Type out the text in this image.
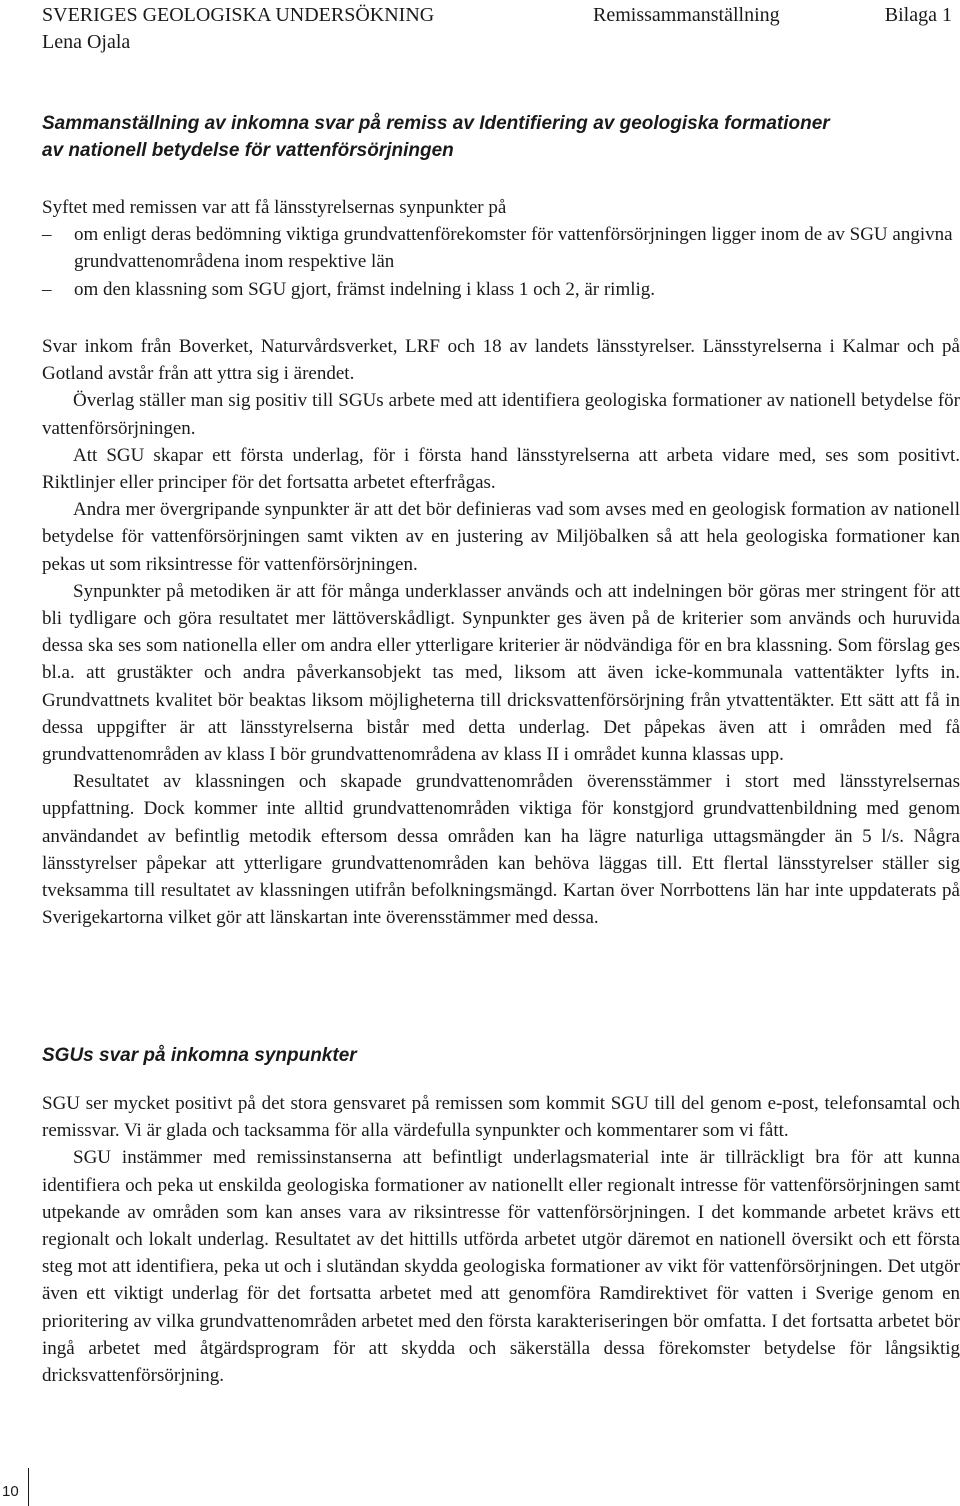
SVERIGES GEOLOGISKA UNDERSÖKNING
Lena Ojala
Remissammanställning	Bilaga 1
Sammanställning av inkomna svar på remiss av Identifiering av geologiska formationer
av nationell betydelse för vattenförsörjningen

Syftet med remissen var att få länsstyrelsernas synpunkter på

– om enligt deras bedömning viktiga grundvattenförekomster för vattenförsörjningen ligger inom de av SGU angivna grundvattenområdena inom respektive län
– om den klassning som SGU gjort, främst indelning i klass 1 och 2, är rimlig.

Svar inkom från Boverket, Naturvårdsverket, LRF och 18 av landets länsstyrelser. Länsstyrelserna i Kalmar och på Gotland avstår från att yttra sig i ärendet.

Överlag ställer man sig positiv till SGUs arbete med att identifiera geologiska formationer av nationell betydelse för vattenförsörjningen.

Att SGU skapar ett första underlag, för i första hand länsstyrelserna att arbeta vidare med, ses som positivt. Riktlinjer eller principer för det fortsatta arbetet efterfrågas.

Andra mer övergripande synpunkter är att det bör definieras vad som avses med en geologisk formation av nationell betydelse för vattenförsörjningen samt vikten av en justering av Miljöbalken så att hela geologiska formationer kan pekas ut som riksintresse för vattenförsörjningen.

Synpunkter på metodiken är att för många underklasser används och att indelningen bör göras mer stringent för att bli tydligare och göra resultatet mer lättöverskådligt. Synpunkter ges även på de kriterier som används och huruvida dessa ska ses som nationella eller om andra eller ytterligare kriterier är nödvändiga för en bra klassning. Som förslag ges bl.a. att grustäkter och andra påverkansobjekt tas med, liksom att även icke-kommunala vattentäkter lyfts in. Grundvattnets kvalitet bör beaktas liksom möjligheterna till dricksvattenförsörjning från ytvattentäkter. Ett sätt att få in dessa uppgifter är att länsstyrelserna bistår med detta underlag. Det påpekas även att i områden med få grundvattenområden av klass I bör grundvattenområdena av klass II i området kunna klassas upp.

Resultatet av klassningen och skapade grundvattenområden överensstämmer i stort med länsstyrelsernas uppfattning. Dock kommer inte alltid grundvattenområden viktiga för konstgjord grundvattenbildning med genom användandet av befintlig metodik eftersom dessa områden kan ha lägre naturliga uttagsmängder än 5 l/s. Några länsstyrelser påpekar att ytterligare grundvattenområden kan behöva läggas till. Ett flertal länsstyrelser ställer sig tveksamma till resultatet av klassningen utifrån befolkningsmängd. Kartan över Norrbottens län har inte uppdaterats på Sverigekartorna vilket gör att länskartan inte överensstämmer med dessa.

SGUs svar på inkomna synpunkter

SGU ser mycket positivt på det stora gensvaret på remissen som kommit SGU till del genom e-post, telefonsamtal och remissvar. Vi är glada och tacksamma för alla värdefulla synpunkter och kommentarer som vi fått.

SGU instämmer med remissinstanserna att befintligt underlagsmaterial inte är tillräckligt bra för att kunna identifiera och peka ut enskilda geologiska formationer av nationellt eller regionalt intresse för vattenförsörjningen samt utpekande av områden som kan anses vara av riksintresse för vattenförsörjningen. I det kommande arbetet krävs ett regionalt och lokalt underlag. Resultatet av det hittills utförda arbetet utgör däremot en nationell översikt och ett första steg mot att identifiera, peka ut och i slutändan skydda geologiska formationer av vikt för vattenförsörjningen. Det utgör även ett viktigt underlag för det fortsatta arbetet med att genomföra Ramdirektivet för vatten i Sverige genom en prioritering av vilka grundvattenområden arbetet med den första karakteriseringen bör omfatta. I det fortsatta arbetet bör ingå arbetet med åtgärdsprogram för att skydda och säkerställa dessa förekomster betydelse för långsiktig dricksvattenförsörjning.

10
